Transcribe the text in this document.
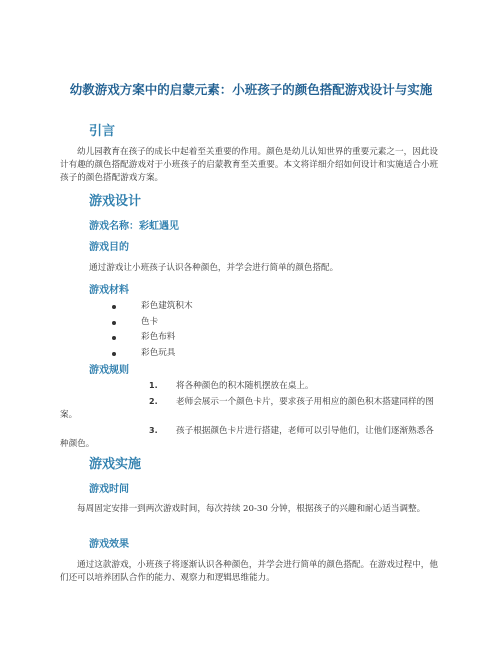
幼教游戏方案中的启蒙元素：小班孩子的颜色搭配游戏设计与实施
引言
幼儿园教育在孩子的成长中起着至关重要的作用。颜色是幼儿认知世界的重要元素之一，因此设计有趣的颜色搭配游戏对于小班孩子的启蒙教育至关重要。本文将详细介绍如何设计和实施适合小班孩子的颜色搭配游戏方案。
游戏设计
游戏名称：彩虹遇见
游戏目的
通过游戏让小班孩子认识各种颜色，并学会进行简单的颜色搭配。
游戏材料
彩色建筑积木
色卡
彩色布料
彩色玩具
游戏规则
1. 将各种颜色的积木随机摆放在桌上。
2. 老师会展示一个颜色卡片，要求孩子用相应的颜色积木搭建同样的图案。
3. 孩子根据颜色卡片进行搭建，老师可以引导他们，让他们逐渐熟悉各种颜色。
游戏实施
游戏时间
每周固定安排一到两次游戏时间，每次持续 20-30 分钟，根据孩子的兴趣和耐心适当调整。
游戏效果
通过这款游戏，小班孩子将逐渐认识各种颜色，并学会进行简单的颜色搭配。在游戏过程中，他们还可以培养团队合作的能力、观察力和逻辑思维能力。
